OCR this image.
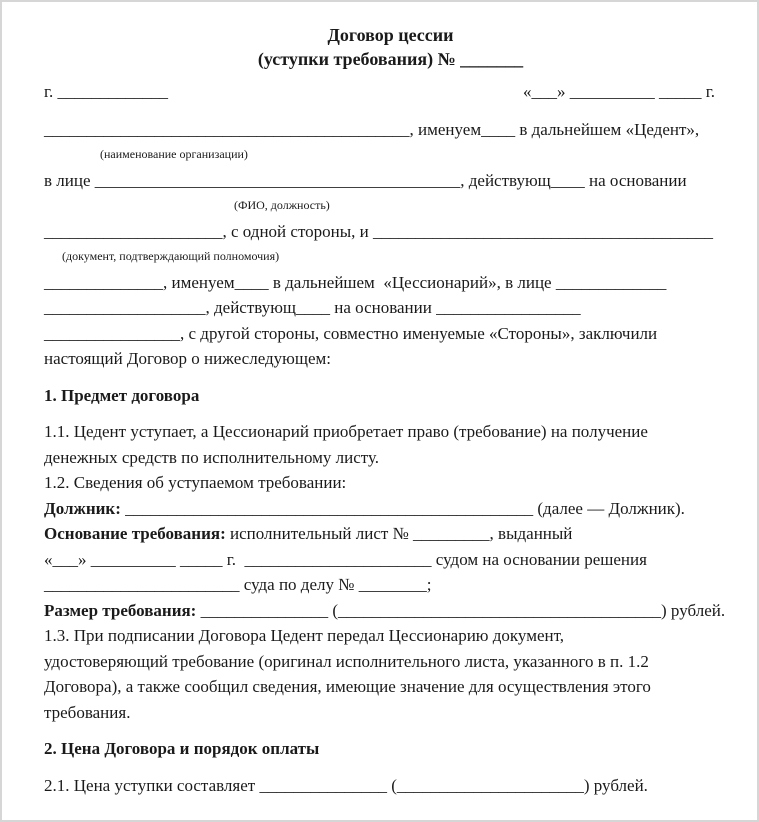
Договор цессии
(уступки требования) № _______
г. _____________	«___» __________ _____ г.
___________________________________________, именуем____ в дальнейшем «Цедент»,
(наименование организации)
в лице ___________________________________________, действующ____ на основании
(ФИО, должность)
_____________________, с одной стороны, и ________________________________________
(документ, подтверждающий полномочия)
______________, именуем____ в дальнейшем  «Цессионарий», в лице _____________
___________________, действующ____ на основании _________________
________________, с другой стороны, совместно именуемые «Стороны», заключили
настоящий Договор о нижеследующем:
1. Предмет договора
1.1. Цедент уступает, а Цессионарий приобретает право (требование) на получение
денежных средств по исполнительному листу.
1.2. Сведения об уступаемом требовании:
Должник: ________________________________________________ (далее — Должник).
Основание требования: исполнительный лист № _________, выданный
«___» __________ _____ г.  ______________________ судом на основании решения
_______________________ суда по делу № ________;
Размер требования: _______________ (______________________________________) рублей.
1.3. При подписании Договора Цедент передал Цессионарию документ,
удостоверяющий требование (оригинал исполнительного листа, указанного в п. 1.2
Договора), а также сообщил сведения, имеющие значение для осуществления этого
требования.
2. Цена Договора и порядок оплаты
2.1. Цена уступки составляет _______________ (______________________) рублей.
